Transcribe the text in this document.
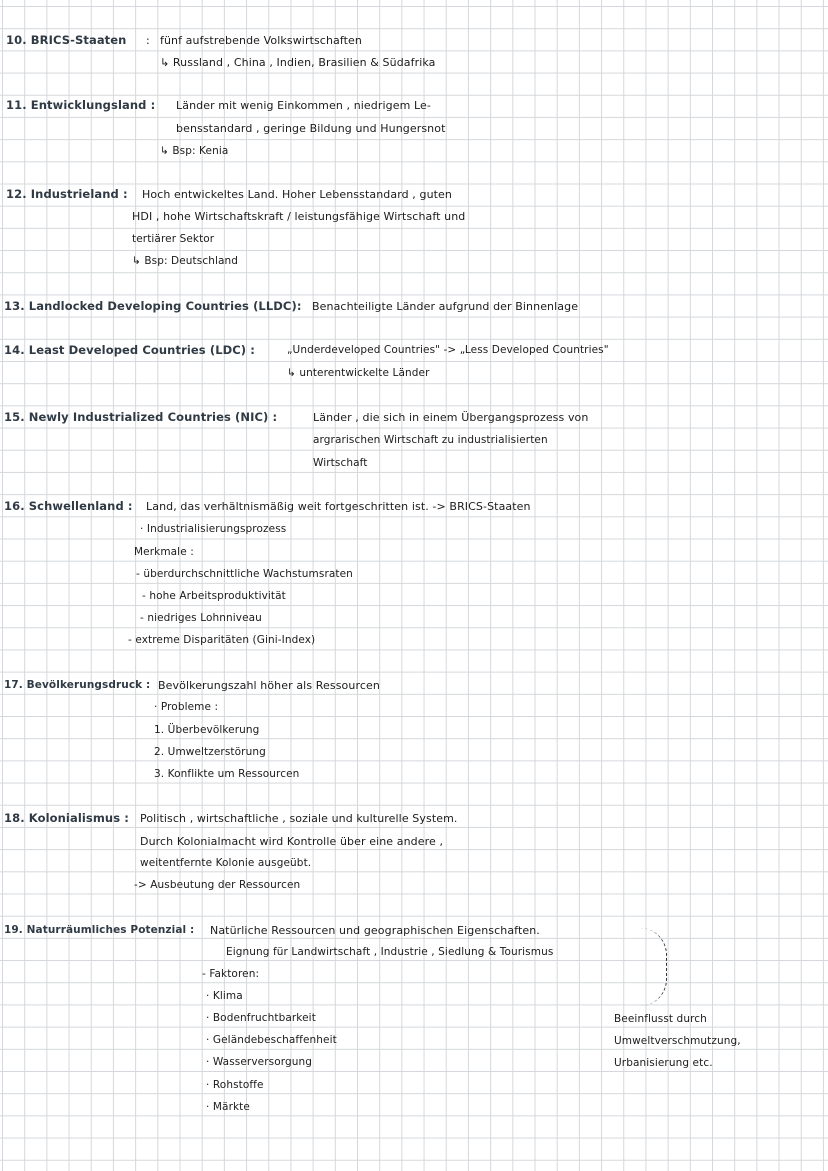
10. BRICS-Staaten : fünf aufstrebende Volkswirtschaften
↳ Russland , China , Indien, Brasilien & Südafrika
11. Entwicklungsland : Länder mit wenig Einkommen , niedrigem Le-
bensstandard , geringe Bildung und Hungersnot
↳ Bsp: Kenia
12. Industrieland : Hoch entwickeltes Land. Hoher Lebensstandard , guten
HDI , hohe Wirtschaftskraft / leistungsfähige Wirtschaft und
tertiärer Sektor
↳ Bsp: Deutschland
13. Landlocked Developing Countries (LLDC): Benachteiligte Länder aufgrund der Binnenlage
14. Least Developed Countries (LDC) :	„Underdeveloped Countries" -> „Less Developed Countries"
↳ unterentwickelte Länder
15. Newly Industrialized Countries (NIC) :	Länder , die sich in einem Übergangsprozess von
argrarischen Wirtschaft zu industrialisierten
Wirtschaft
16. Schwellenland : Land, das verhältnismäßig weit fortgeschritten ist. -> BRICS-Staaten
· Industrialisierungsprozess
Merkmale :
- überdurchschnittliche Wachstumsraten
- hohe Arbeitsproduktivität
- niedriges Lohnniveau
- extreme Disparitäten (Gini-Index)
17. Bevölkerungsdruck : Bevölkerungszahl höher als Ressourcen
· Probleme :
1. Überbevölkerung
2. Umweltzerstörung
3. Konflikte um Ressourcen
18. Kolonialismus : Politisch , wirtschaftliche , soziale und kulturelle System.
Durch Kolonialmacht wird Kontrolle über eine andere ,
weitentfernte Kolonie ausgeübt.
-> Ausbeutung der Ressourcen
19. Naturräumliches Potenzial : Natürliche Ressourcen und geographischen Eigenschaften.
Eignung für Landwirtschaft , Industrie , Siedlung & Tourismus
- Faktoren:
· Klima
· Bodenfruchtbarkeit
· Geländebeschaffenheit
· Wasserversorgung
· Rohstoffe
· Märkte
Beeinflusst durch
Umweltverschmutzung,
Urbanisierung etc.
